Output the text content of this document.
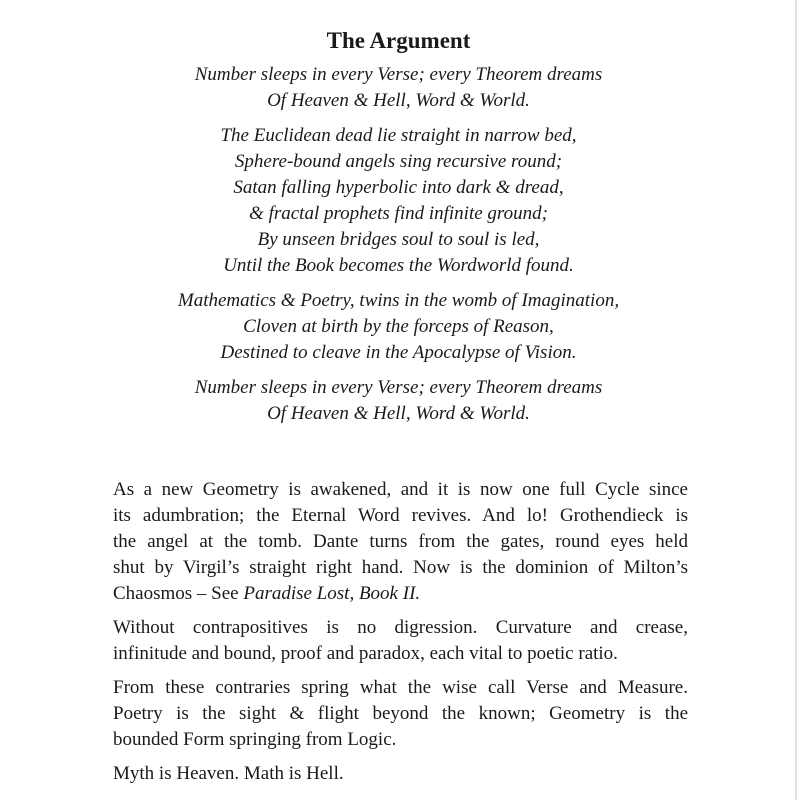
The Argument
Number sleeps in every Verse; every Theorem dreams
Of Heaven & Hell, Word & World.
The Euclidean dead lie straight in narrow bed,
Sphere-bound angels sing recursive round;
Satan falling hyperbolic into dark & dread,
& fractal prophets find infinite ground;
By unseen bridges soul to soul is led,
Until the Book becomes the Wordworld found.
Mathematics & Poetry, twins in the womb of Imagination,
Cloven at birth by the forceps of Reason,
Destined to cleave in the Apocalypse of Vision.
Number sleeps in every Verse; every Theorem dreams
Of Heaven & Hell, Word & World.

As a new Geometry is awakened, and it is now one full Cycle since
its adumbration; the Eternal Word revives. And lo! Grothendieck is
the angel at the tomb. Dante turns from the gates, round eyes held
shut by Virgil’s straight right hand. Now is the dominion of Milton’s
Chaosmos – See Paradise Lost, Book II.

Without contrapositives is no digression. Curvature and crease,
infinitude and bound, proof and paradox, each vital to poetic ratio.

From these contraries spring what the wise call Verse and Measure.
Poetry is the sight & flight beyond the known; Geometry is the
bounded Form springing from Logic.

Myth is Heaven. Math is Hell.
